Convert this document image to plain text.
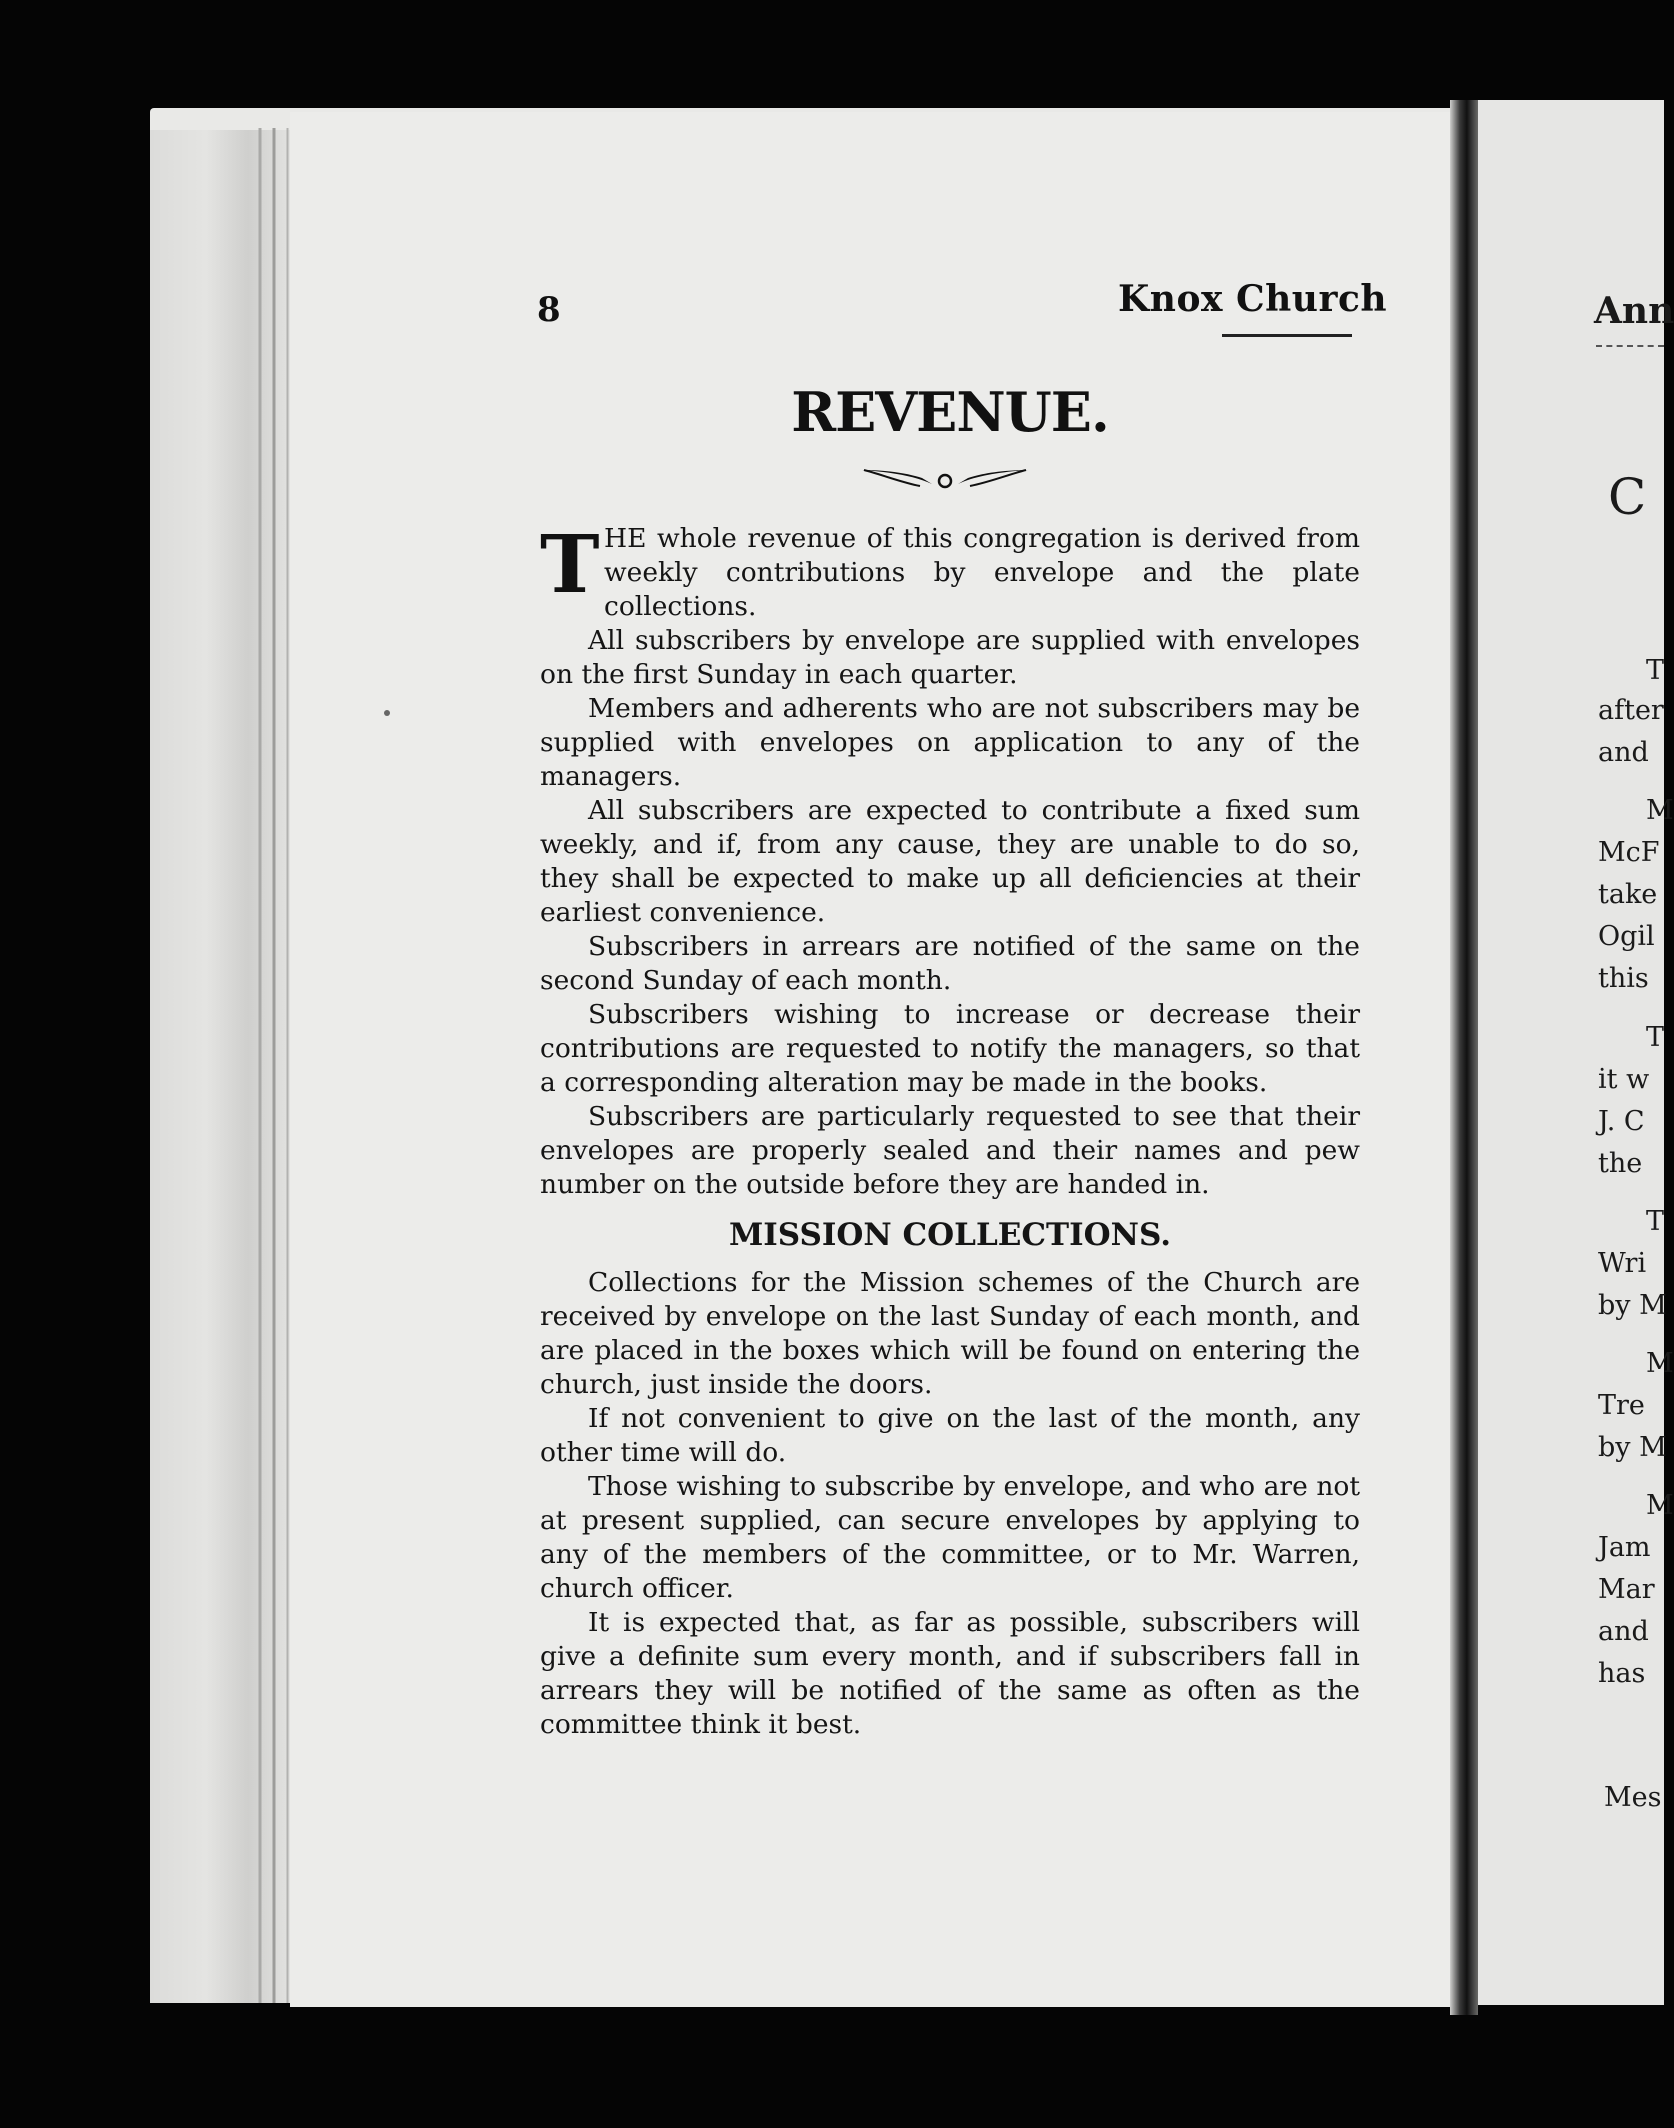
8	Knox Church
REVENUE.
T HE whole revenue of this congregation is derived from weekly contributions by envelope and the plate collections.

All subscribers by envelope are supplied with envelopes on the first Sunday in each quarter.

Members and adherents who are not subscribers may be supplied with envelopes on application to any of the managers.

All subscribers are expected to contribute a fixed sum weekly, and if, from any cause, they are unable to do so, they shall be expected to make up all deficiencies at their earliest convenience.

Subscribers in arrears are notified of the same on the second Sunday of each month.

Subscribers wishing to increase or decrease their contributions are requested to notify the managers, so that a corresponding alteration may be made in the books.

Subscribers are particularly requested to see that their envelopes are properly sealed and their names and pew number on the outside before they are handed in.

MISSION COLLECTIONS.

Collections for the Mission schemes of the Church are received by envelope on the last Sunday of each month, and are placed in the boxes which will be found on entering the church, just inside the doors.

If not convenient to give on the last of the month, any other time will do.

Those wishing to subscribe by envelope, and who are not at present supplied, can secure envelopes by applying to any of the members of the committee, or to Mr. Warren, church officer.

It is expected that, as far as possible, subscribers will give a definite sum every month, and if subscribers fall in arrears they will be notified of the same as often as the committee think it best.

Ann
C
T
after
and
M
McF
take
Ogil
this
T
it w
J. C
the
T
Wri
by M
M
Tre
by M
M
Jam
Mar
and
has
Mes
